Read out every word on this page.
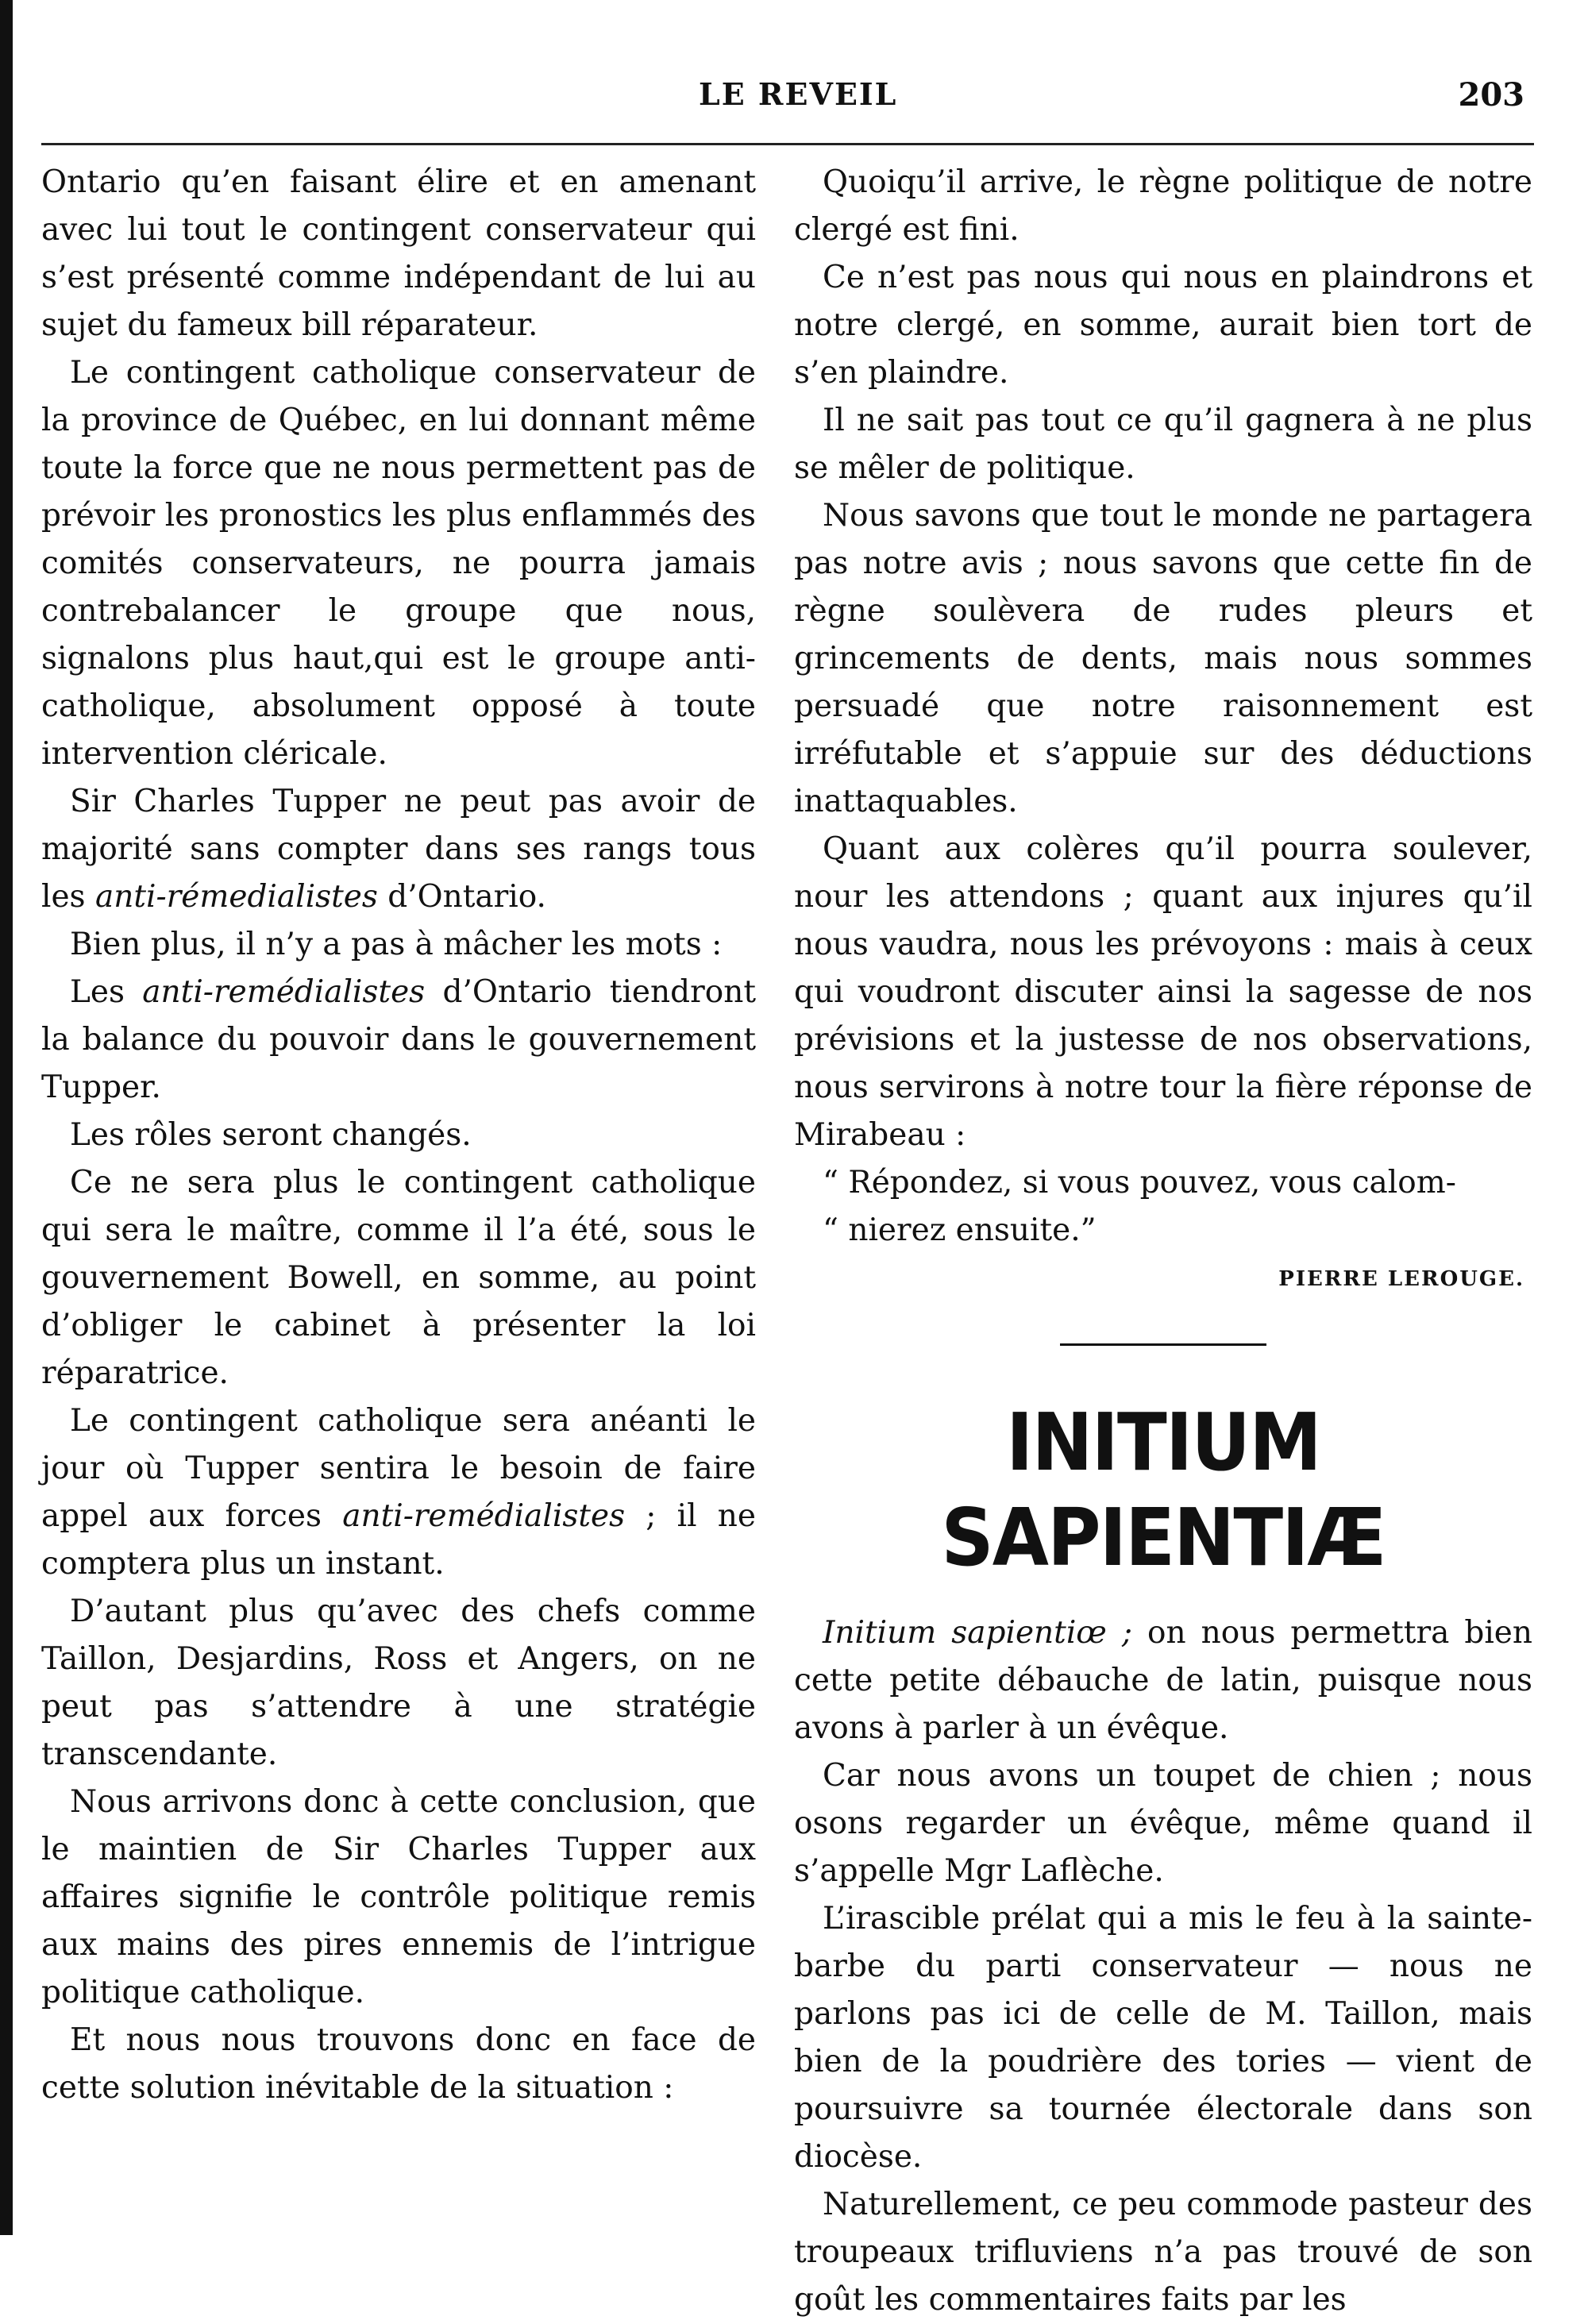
LE REVEIL	203

Ontario qu’en faisant élire et en amenant avec lui tout le contingent conservateur qui s’est présenté comme indépendant de lui au sujet du fameux bill réparateur.

Le contingent catholique conservateur de la province de Québec, en lui donnant même toute la force que ne nous permettent pas de prévoir les pronostics les plus enflammés des comités conservateurs, ne pourra jamais contrebalancer le groupe que nous, signalons plus haut,qui est le groupe anti-catholique, absolument opposé à toute intervention cléricale.

Sir Charles Tupper ne peut pas avoir de majorité sans compter dans ses rangs tous les anti-rémedialistes d’Ontario.

Bien plus, il n’y a pas à mâcher les mots :

Les anti-remédialistes d’Ontario tiendront la balance du pouvoir dans le gouvernement Tupper.

Les rôles seront changés.

Ce ne sera plus le contingent catholique qui sera le maître, comme il l’a été, sous le gouvernement Bowell, en somme, au point d’obliger le cabinet à présenter la loi réparatrice.

Le contingent catholique sera anéanti le jour où Tupper sentira le besoin de faire appel aux forces anti-remédialistes ; il ne comptera plus un instant.

D’autant plus qu’avec des chefs comme Taillon, Desjardins, Ross et Angers, on ne peut pas s’attendre à une stratégie transcendante.

Nous arrivons donc à cette conclusion, que le maintien de Sir Charles Tupper aux affaires signifie le contrôle politique remis aux mains des pires ennemis de l’intrigue politique catholique.

Et nous nous trouvons donc en face de cette solution inévitable de la situation :

Quoiqu’il arrive, le règne politique de notre clergé est fini.

Ce n’est pas nous qui nous en plaindrons et notre clergé, en somme, aurait bien tort de s’en plaindre.

Il ne sait pas tout ce qu’il gagnera à ne plus se mêler de politique.

Nous savons que tout le monde ne partagera pas notre avis ; nous savons que cette fin de règne soulèvera de rudes pleurs et grincements de dents, mais nous sommes persuadé que notre raisonnement est irréfutable et s’appuie sur des déductions inattaquables.

Quant aux colères qu’il pourra soulever, nour les attendons ; quant aux injures qu’il nous vaudra, nous les prévoyons : mais à ceux qui voudront discuter ainsi la sagesse de nos prévisions et la justesse de nos observations, nous servirons à notre tour la fière réponse de Mirabeau :

“ Répondez, si vous pouvez, vous calom-

“ nierez ensuite.”

PIERRE LEROUGE.
INITIUM SAPIENTIÆ

Initium sapientiœ ; on nous permettra bien cette petite débauche de latin, puisque nous avons à parler à un évêque.

Car nous avons un toupet de chien ; nous osons regarder un évêque, même quand il s’appelle Mgr Laflèche.

L’irascible prélat qui a mis le feu à la sainte-barbe du parti conservateur — nous ne parlons pas ici de celle de M. Taillon, mais bien de la poudrière des tories — vient de poursuivre sa tournée électorale dans son diocèse.

Naturellement, ce peu commode pasteur des troupeaux trifluviens n’a pas trouvé de son goût les commentaires faits par les
